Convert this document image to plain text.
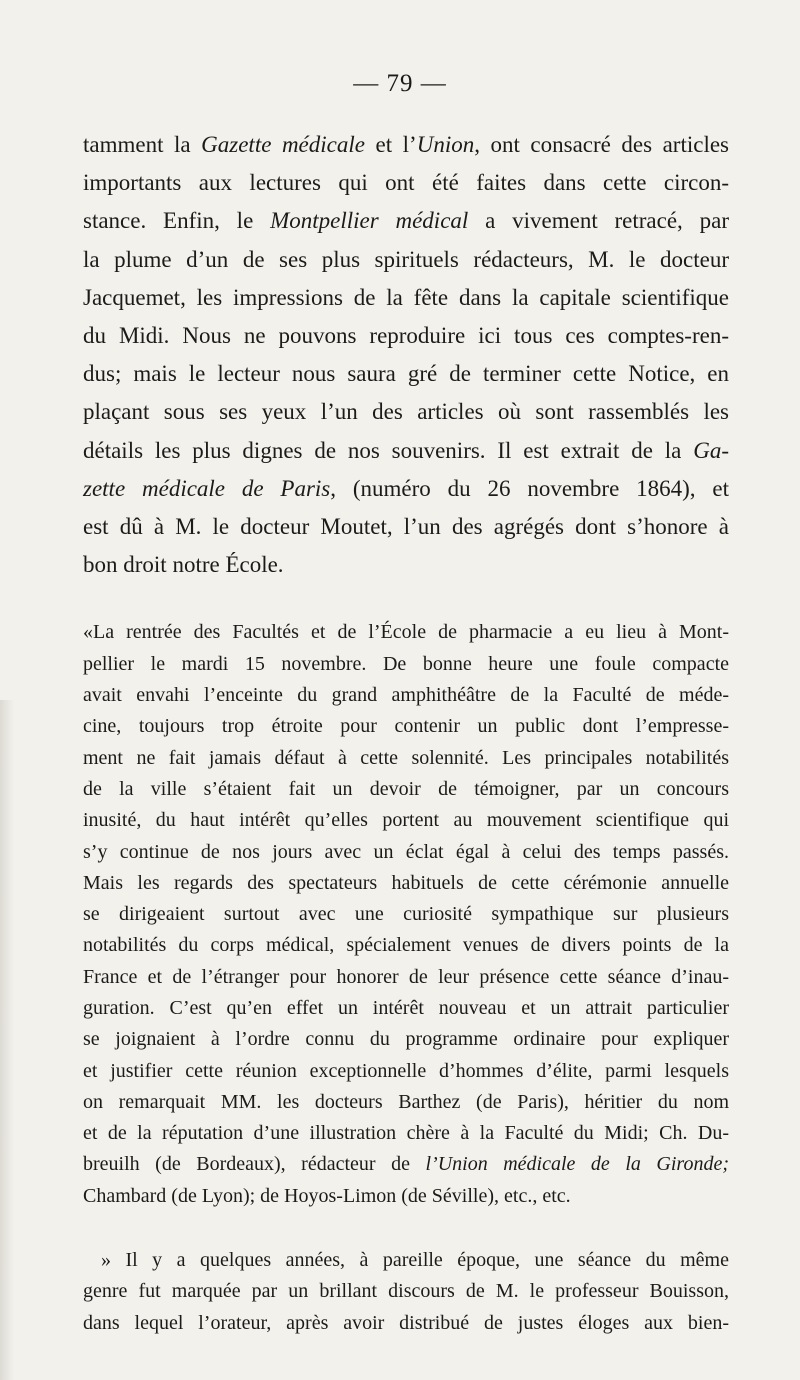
— 79 —

tamment la Gazette médicale et l’Union, ont consacré des articles

importants aux lectures qui ont été faites dans cette circon-

stance. Enfin, le Montpellier médical a vivement retracé, par

la plume d’un de ses plus spirituels rédacteurs, M. le docteur

Jacquemet, les impressions de la fête dans la capitale scientifique

du Midi. Nous ne pouvons reproduire ici tous ces comptes-ren-

dus; mais le lecteur nous saura gré de terminer cette Notice, en

plaçant sous ses yeux l’un des articles où sont rassemblés les

détails les plus dignes de nos souvenirs. Il est extrait de la Ga-

zette médicale de Paris, (numéro du 26 novembre 1864), et

est dû à M. le docteur Moutet, l’un des agrégés dont s’honore à

bon droit notre École.

«La rentrée des Facultés et de l’École de pharmacie a eu lieu à Mont-

pellier le mardi 15 novembre. De bonne heure une foule compacte

avait envahi l’enceinte du grand amphithéâtre de la Faculté de méde-

cine, toujours trop étroite pour contenir un public dont l’empresse-

ment ne fait jamais défaut à cette solennité. Les principales notabilités

de la ville s’étaient fait un devoir de témoigner, par un concours

inusité, du haut intérêt qu’elles portent au mouvement scientifique qui

s’y continue de nos jours avec un éclat égal à celui des temps passés.

Mais les regards des spectateurs habituels de cette cérémonie annuelle

se dirigeaient surtout avec une curiosité sympathique sur plusieurs

notabilités du corps médical, spécialement venues de divers points de la

France et de l’étranger pour honorer de leur présence cette séance d’inau-

guration. C’est qu’en effet un intérêt nouveau et un attrait particulier

se joignaient à l’ordre connu du programme ordinaire pour expliquer

et justifier cette réunion exceptionnelle d’hommes d’élite, parmi lesquels

on remarquait MM. les docteurs Barthez (de Paris), héritier du nom

et de la réputation d’une illustration chère à la Faculté du Midi; Ch. Du-

breuilh (de Bordeaux), rédacteur de l’Union médicale de la Gironde;

Chambard (de Lyon); de Hoyos-Limon (de Séville), etc., etc.

» Il y a quelques années, à pareille époque, une séance du même

genre fut marquée par un brillant discours de M. le professeur Bouisson,

dans lequel l’orateur, après avoir distribué de justes éloges aux bien-
